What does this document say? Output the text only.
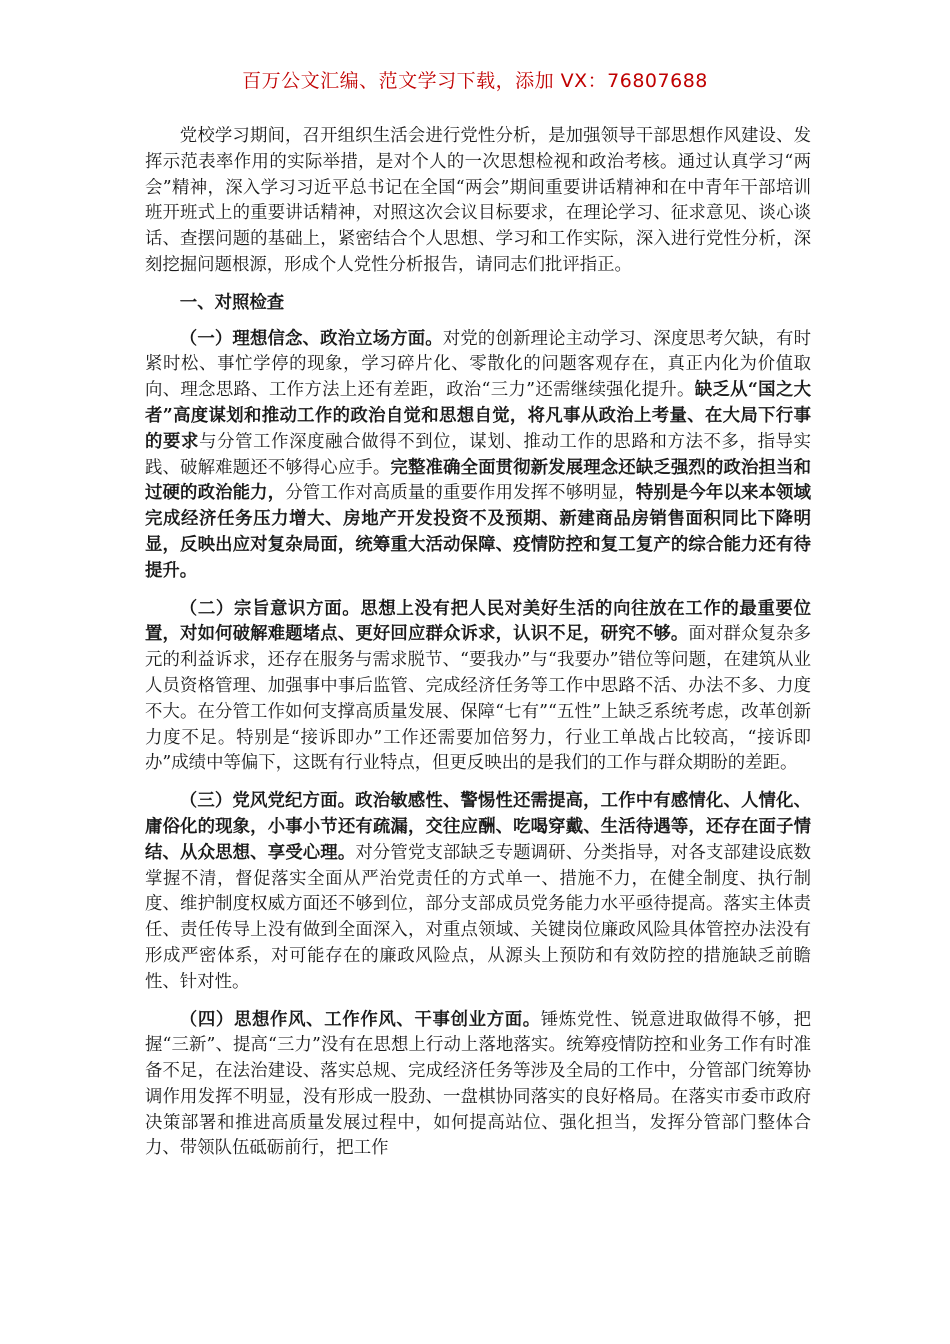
百万公文汇编、范文学习下载，添加 VX：76807688

党校学习期间，召开组织生活会进行党性分析，是加强领导干部思想作风建设、发挥示范表率作用的实际举措，是对个人的一次思想检视和政治考核。通过认真学习“两会”精神，深入学习习近平总书记在全国“两会”期间重要讲话精神和在中青年干部培训班开班式上的重要讲话精神，对照这次会议目标要求，在理论学习、征求意见、谈心谈话、查摆问题的基础上，紧密结合个人思想、学习和工作实际，深入进行党性分析，深刻挖掘问题根源，形成个人党性分析报告，请同志们批评指正。

一、对照检查

（一）理想信念、政治立场方面。对党的创新理论主动学习、深度思考欠缺，有时紧时松、事忙学停的现象，学习碎片化、零散化的问题客观存在，真正内化为价值取向、理念思路、工作方法上还有差距，政治“三力”还需继续强化提升。缺乏从“国之大者”高度谋划和推动工作的政治自觉和思想自觉，将凡事从政治上考量、在大局下行事的要求与分管工作深度融合做得不到位，谋划、推动工作的思路和方法不多，指导实践、破解难题还不够得心应手。完整准确全面贯彻新发展理念还缺乏强烈的政治担当和过硬的政治能力，分管工作对高质量的重要作用发挥不够明显，特别是今年以来本领域完成经济任务压力增大、房地产开发投资不及预期、新建商品房销售面积同比下降明显，反映出应对复杂局面，统筹重大活动保障、疫情防控和复工复产的综合能力还有待提升。

（二）宗旨意识方面。思想上没有把人民对美好生活的向往放在工作的最重要位置，对如何破解难题堵点、更好回应群众诉求，认识不足，研究不够。面对群众复杂多元的利益诉求，还存在服务与需求脱节、“要我办”与“我要办”错位等问题，在建筑从业人员资格管理、加强事中事后监管、完成经济任务等工作中思路不活、办法不多、力度不大。在分管工作如何支撑高质量发展、保障“七有”“五性”上缺乏系统考虑，改革创新力度不足。特别是“接诉即办”工作还需要加倍努力，行业工单战占比较高，“接诉即办”成绩中等偏下，这既有行业特点，但更反映出的是我们的工作与群众期盼的差距。

（三）党风党纪方面。政治敏感性、警惕性还需提高，工作中有感情化、人情化、庸俗化的现象，小事小节还有疏漏，交往应酬、吃喝穿戴、生活待遇等，还存在面子情结、从众思想、享受心理。对分管党支部缺乏专题调研、分类指导，对各支部建设底数掌握不清，督促落实全面从严治党责任的方式单一、措施不力，在健全制度、执行制度、维护制度权威方面还不够到位，部分支部成员党务能力水平亟待提高。落实主体责任、责任传导上没有做到全面深入，对重点领域、关键岗位廉政风险具体管控办法没有形成严密体系，对可能存在的廉政风险点，从源头上预防和有效防控的措施缺乏前瞻性、针对性。

（四）思想作风、工作作风、干事创业方面。锤炼党性、锐意进取做得不够，把握“三新”、提高“三力”没有在思想上行动上落地落实。统筹疫情防控和业务工作有时准备不足，在法治建设、落实总规、完成经济任务等涉及全局的工作中，分管部门统筹协调作用发挥不明显，没有形成一股劲、一盘棋协同落实的良好格局。在落实市委市政府决策部署和推进高质量发展过程中，如何提高站位、强化担当，发挥分管部门整体合力、带领队伍砥砺前行，把工作
